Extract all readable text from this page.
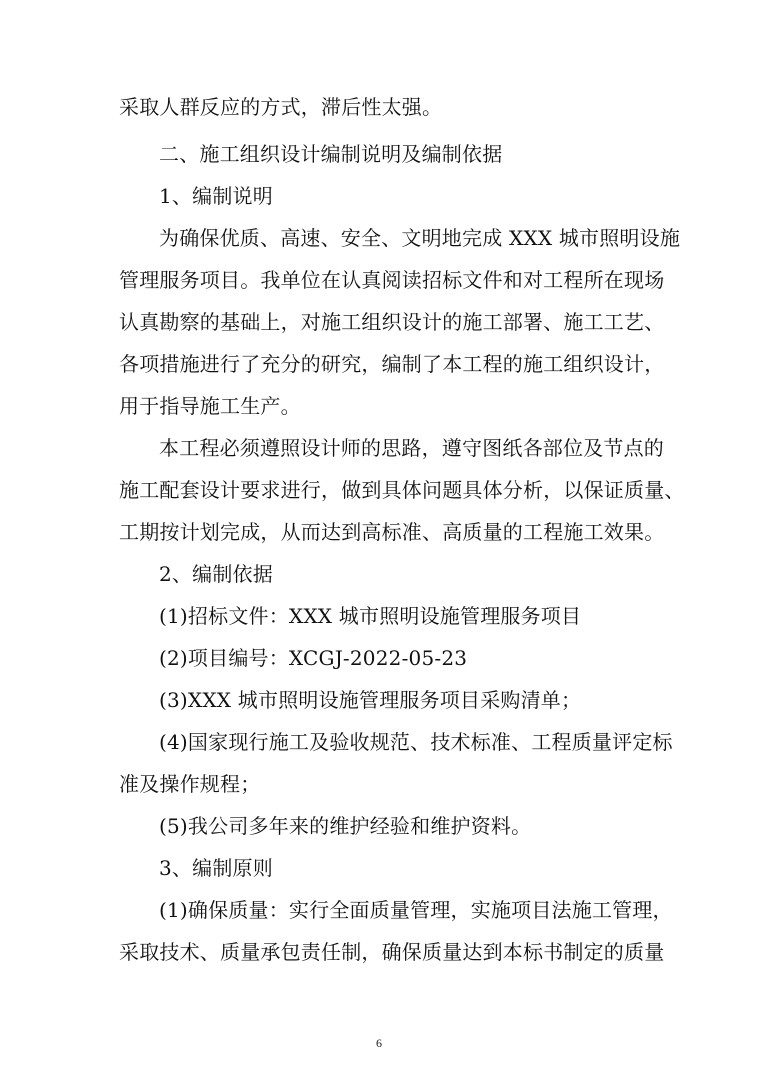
采取人群反应的方式，滞后性太强。
二、施工组织设计编制说明及编制依据
1、编制说明
为确保优质、高速、安全、文明地完成 XXX 城市照明设施
管理服务项目。我单位在认真阅读招标文件和对工程所在现场
认真勘察的基础上，对施工组织设计的施工部署、施工工艺、
各项措施进行了充分的研究，编制了本工程的施工组织设计，
用于指导施工生产。
本工程必须遵照设计师的思路，遵守图纸各部位及节点的
施工配套设计要求进行，做到具体问题具体分析，以保证质量、
工期按计划完成，从而达到高标准、高质量的工程施工效果。
2、编制依据
(1)招标文件：XXX 城市照明设施管理服务项目
(2)项目编号：XCGJ-2022-05-23
(3)XXX 城市照明设施管理服务项目采购清单；
(4)国家现行施工及验收规范、技术标准、工程质量评定标
准及操作规程；
(5)我公司多年来的维护经验和维护资料。
3、编制原则
(1)确保质量：实行全面质量管理，实施项目法施工管理，
采取技术、质量承包责任制，确保质量达到本标书制定的质量
6
